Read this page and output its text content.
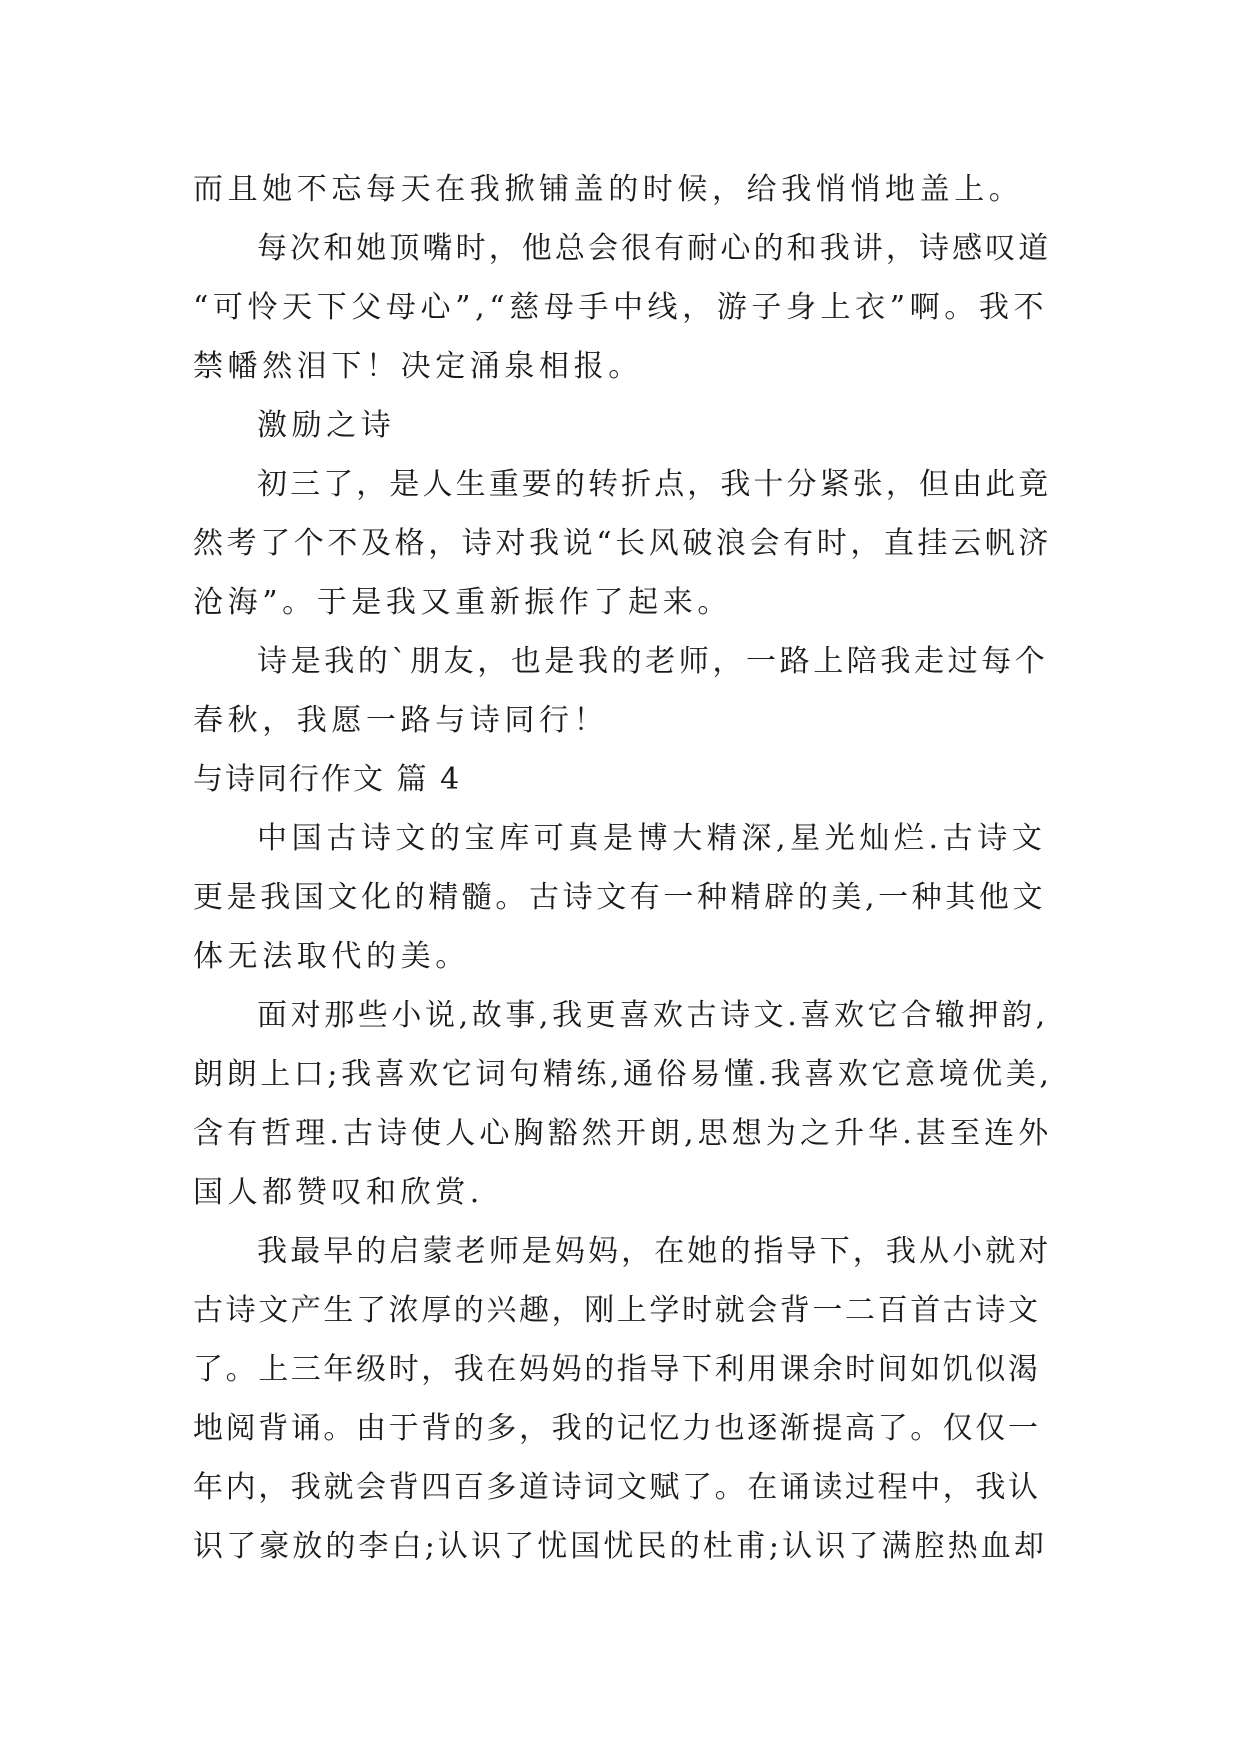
而且她不忘每天在我掀铺盖的时候，给我悄悄地盖上。
每次和她顶嘴时，他总会很有耐心的和我讲，诗感叹道
“可怜天下父母心”,“慈母手中线，游子身上衣”啊。我不
禁幡然泪下！决定涌泉相报。
激励之诗
初三了，是人生重要的转折点，我十分紧张，但由此竟
然考了个不及格，诗对我说“长风破浪会有时，直挂云帆济
沧海”。于是我又重新振作了起来。
诗是我的`朋友，也是我的老师，一路上陪我走过每个
春秋，我愿一路与诗同行！
与诗同行作文 篇 4
中国古诗文的宝库可真是博大精深,星光灿烂.古诗文
更是我国文化的精髓。古诗文有一种精辟的美,一种其他文
体无法取代的美。
面对那些小说,故事,我更喜欢古诗文.喜欢它合辙押韵,
朗朗上口;我喜欢它词句精练,通俗易懂.我喜欢它意境优美,
含有哲理.古诗使人心胸豁然开朗,思想为之升华.甚至连外
国人都赞叹和欣赏.
我最早的启蒙老师是妈妈，在她的指导下，我从小就对
古诗文产生了浓厚的兴趣，刚上学时就会背一二百首古诗文
了。上三年级时，我在妈妈的指导下利用课余时间如饥似渴
地阅背诵。由于背的多，我的记忆力也逐渐提高了。仅仅一
年内，我就会背四百多道诗词文赋了。在诵读过程中，我认
识了豪放的李白;认识了忧国忧民的杜甫;认识了满腔热血却
